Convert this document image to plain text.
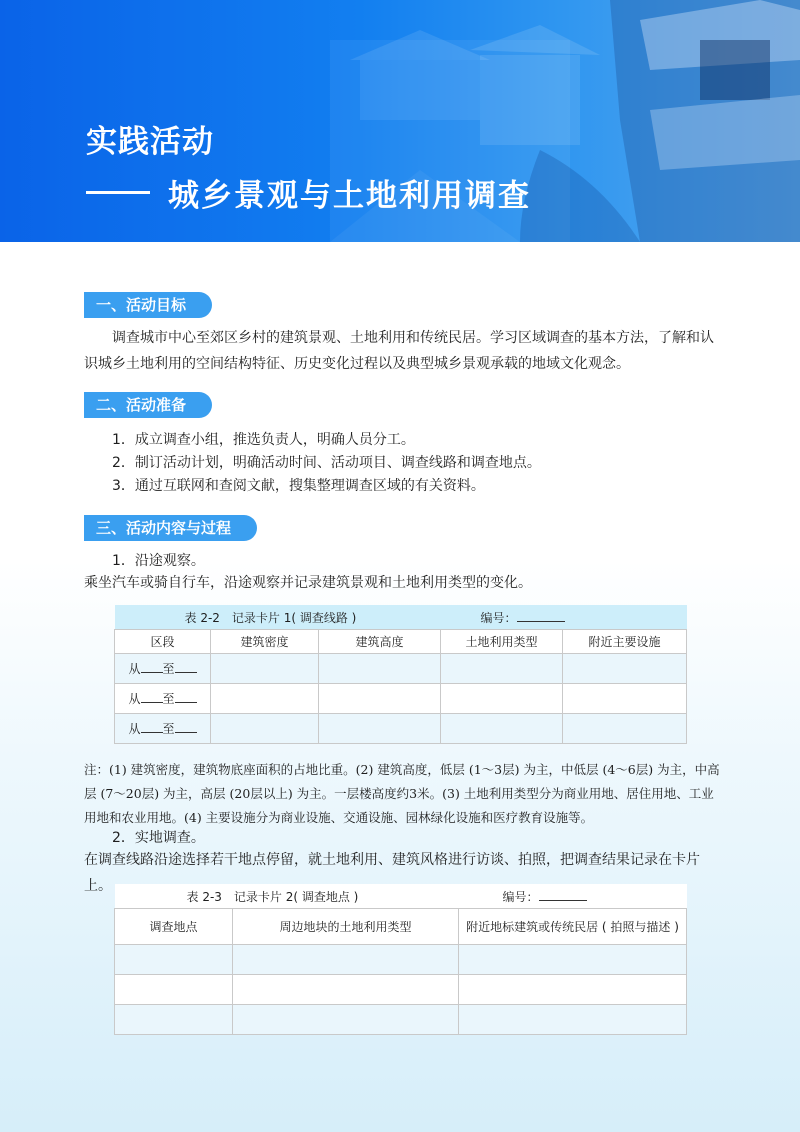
实践活动
城乡景观与土地利用调查
一、活动目标

调查城市中心至郊区乡村的建筑景观、土地利用和传统民居。学习区域调查的基本方法，了解和认识城乡土地利用的空间结构特征、历史变化过程以及典型城乡景观承载的地域文化观念。

二、活动准备

1．成立调查小组，推选负责人，明确人员分工。

2．制订活动计划，明确活动时间、活动项目、调查线路和调查地点。

3．通过互联网和查阅文献，搜集整理调查区域的有关资料。

三、活动内容与过程

1．沿途观察。

乘坐汽车或骑自行车，沿途观察并记录建筑景观和土地利用类型的变化。

表 2-2　记录卡片 1( 调查线路 )			编号：	
区段	建筑密度	建筑高度	土地利用类型	附近主要设施
从 至				
从 至				
从 至				

注：(1) 建筑密度，建筑物底座面积的占地比重。(2) 建筑高度，低层 (1～3层) 为主，中低层 (4～6层) 为主，中高层 (7～20层) 为主，高层 (20层以上) 为主。一层楼高度约3米。(3) 土地利用类型分为商业用地、居住用地、工业用地和农业用地。(4) 主要设施分为商业设施、交通设施、园林绿化设施和医疗教育设施等。

2．实地调查。

在调查线路沿途选择若干地点停留，就土地利用、建筑风格进行访谈、拍照，把调查结果记录在卡片上。

表 2-3　记录卡片 2( 调查地点 )		编号：
调查地点	周边地块的土地利用类型	附近地标建筑或传统民居 ( 拍照与描述 )
